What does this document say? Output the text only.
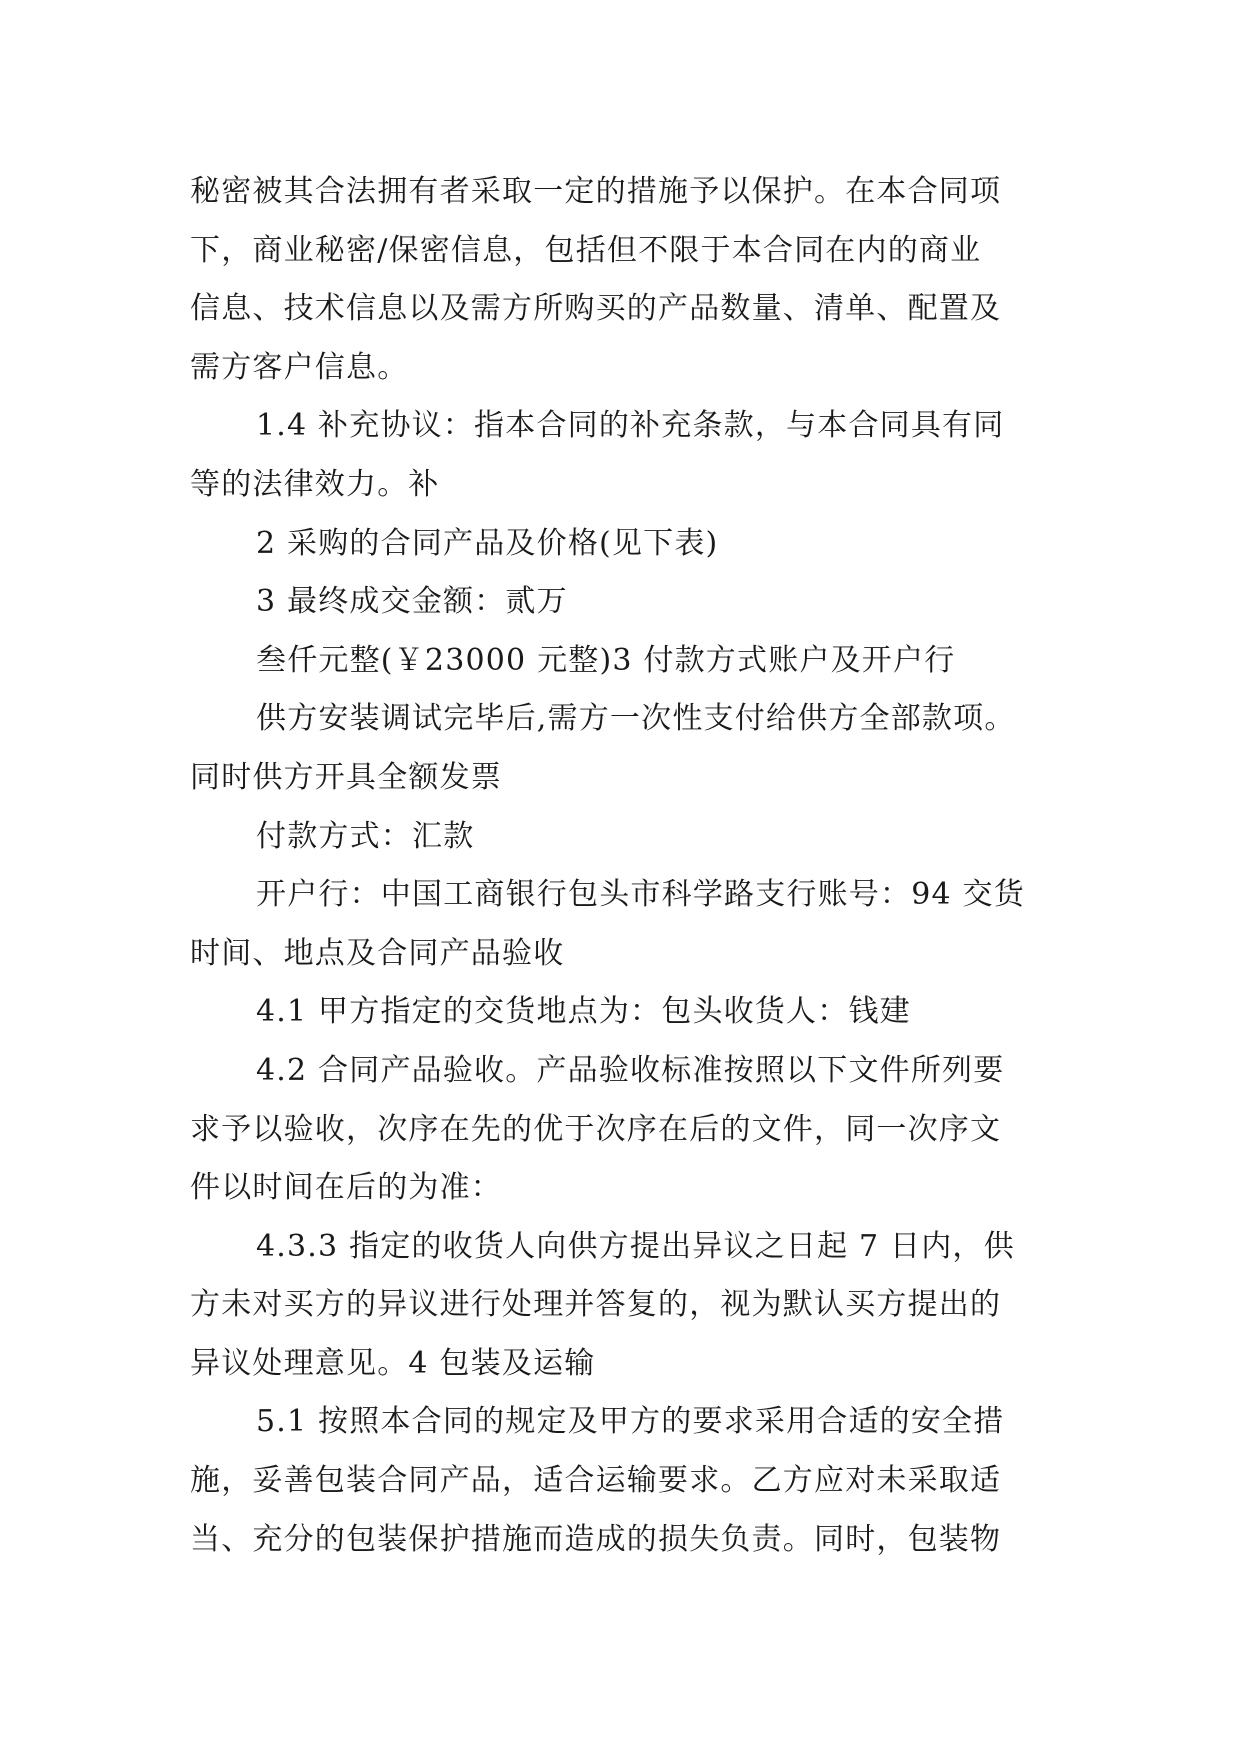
秘密被其合法拥有者采取一定的措施予以保护。在本合同项
下，商业秘密/保密信息，包括但不限于本合同在内的商业
信息、技术信息以及需方所购买的产品数量、清单、配置及
需方客户信息。
1.4 补充协议：指本合同的补充条款，与本合同具有同
等的法律效力。补
2 采购的合同产品及价格(见下表)
3 最终成交金额：贰万
叁仟元整(￥23000 元整)3 付款方式账户及开户行
供方安装调试完毕后,需方一次性支付给供方全部款项。
同时供方开具全额发票
付款方式：汇款
开户行：中国工商银行包头市科学路支行账号：94 交货
时间、地点及合同产品验收
4.1 甲方指定的交货地点为：包头收货人：钱建
4.2 合同产品验收。产品验收标准按照以下文件所列要
求予以验收，次序在先的优于次序在后的文件，同一次序文
件以时间在后的为准：
4.3.3 指定的收货人向供方提出异议之日起 7 日内，供
方未对买方的异议进行处理并答复的，视为默认买方提出的
异议处理意见。4 包装及运输
5.1 按照本合同的规定及甲方的要求采用合适的安全措
施，妥善包装合同产品，适合运输要求。乙方应对未采取适
当、充分的包装保护措施而造成的损失负责。同时，包装物
